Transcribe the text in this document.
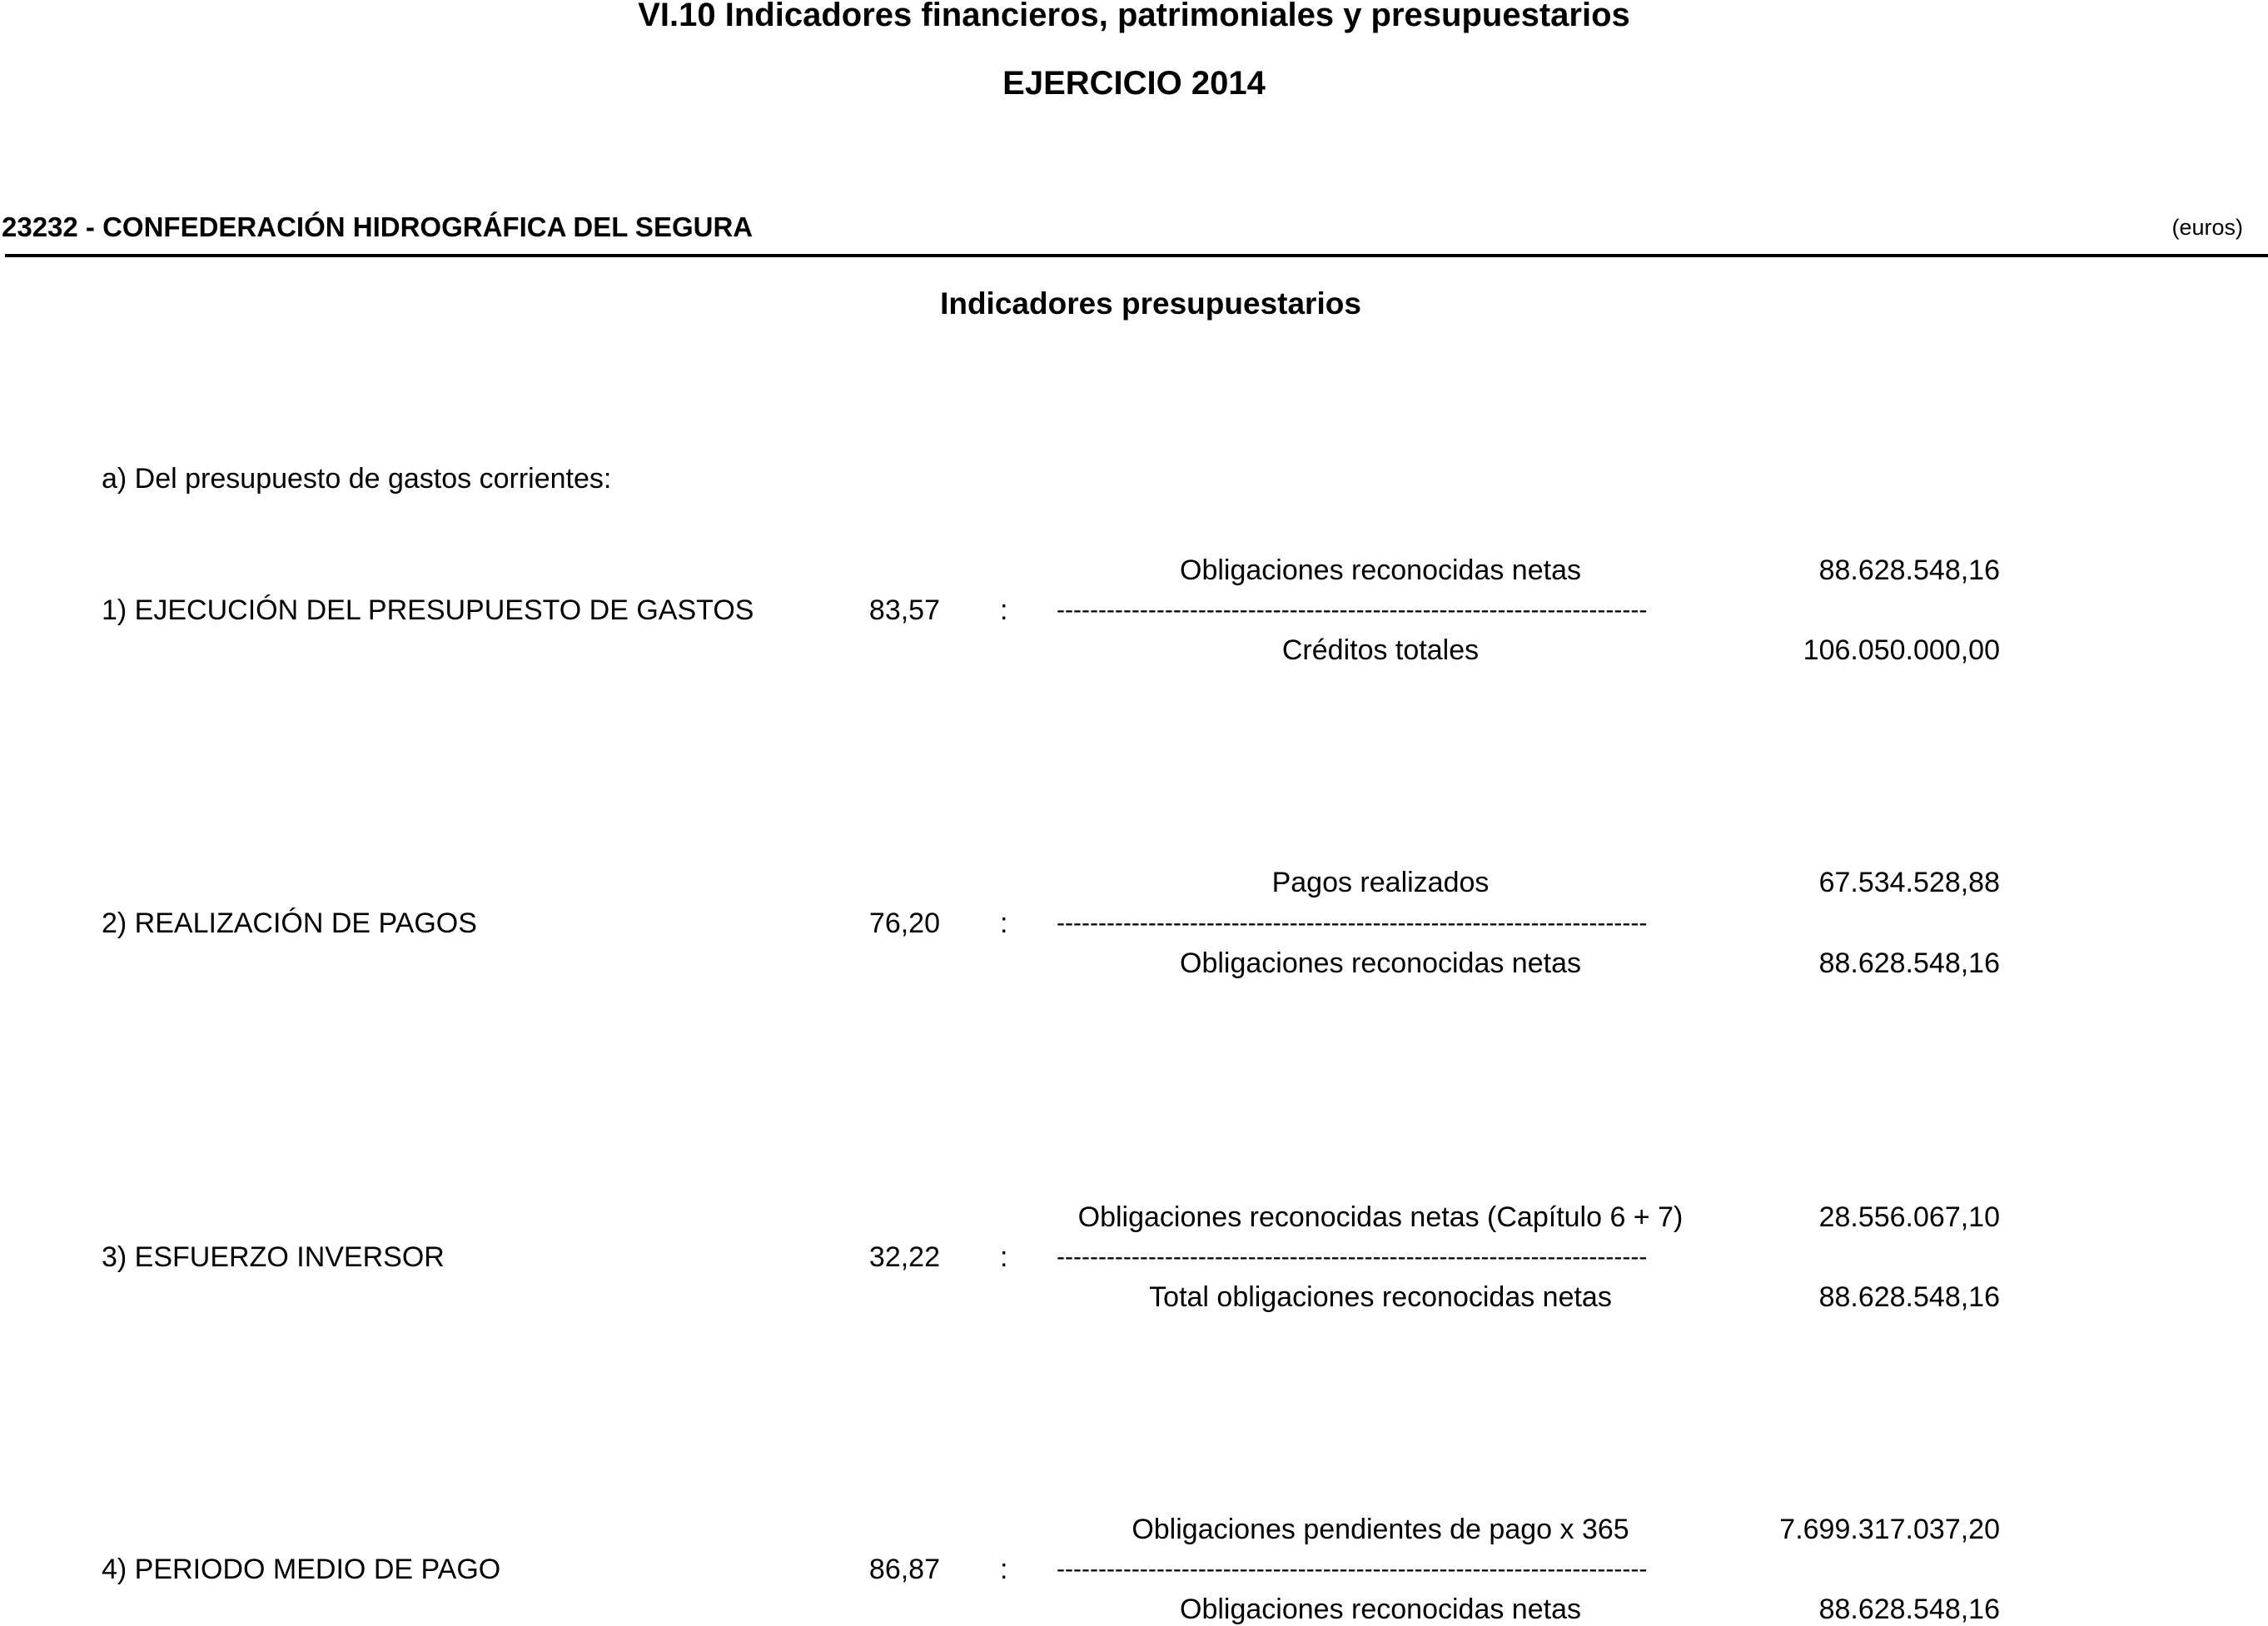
VI.10 Indicadores financieros, patrimoniales y presupuestarios
EJERCICIO 2014
23232 - CONFEDERACIÓN HIDROGRÁFICA DEL SEGURA	(euros)
Indicadores presupuestarios
a) Del presupuesto de gastos corrientes:
Obligaciones reconocidas netas	88.628.548,16
1) EJECUCIÓN DEL PRESUPUESTO DE GASTOS	83,57 : -----------------------------------------------------------------------
Créditos totales	106.050.000,00
Pagos realizados	67.534.528,88
2) REALIZACIÓN DE PAGOS	76,20 : -----------------------------------------------------------------------
Obligaciones reconocidas netas	88.628.548,16
Obligaciones reconocidas netas (Capítulo 6 + 7)	28.556.067,10
3) ESFUERZO INVERSOR	32,22 : -----------------------------------------------------------------------
Total obligaciones reconocidas netas	88.628.548,16
Obligaciones pendientes de pago x 365	7.699.317.037,20
4) PERIODO MEDIO DE PAGO	86,87 : -----------------------------------------------------------------------
Obligaciones reconocidas netas	88.628.548,16
